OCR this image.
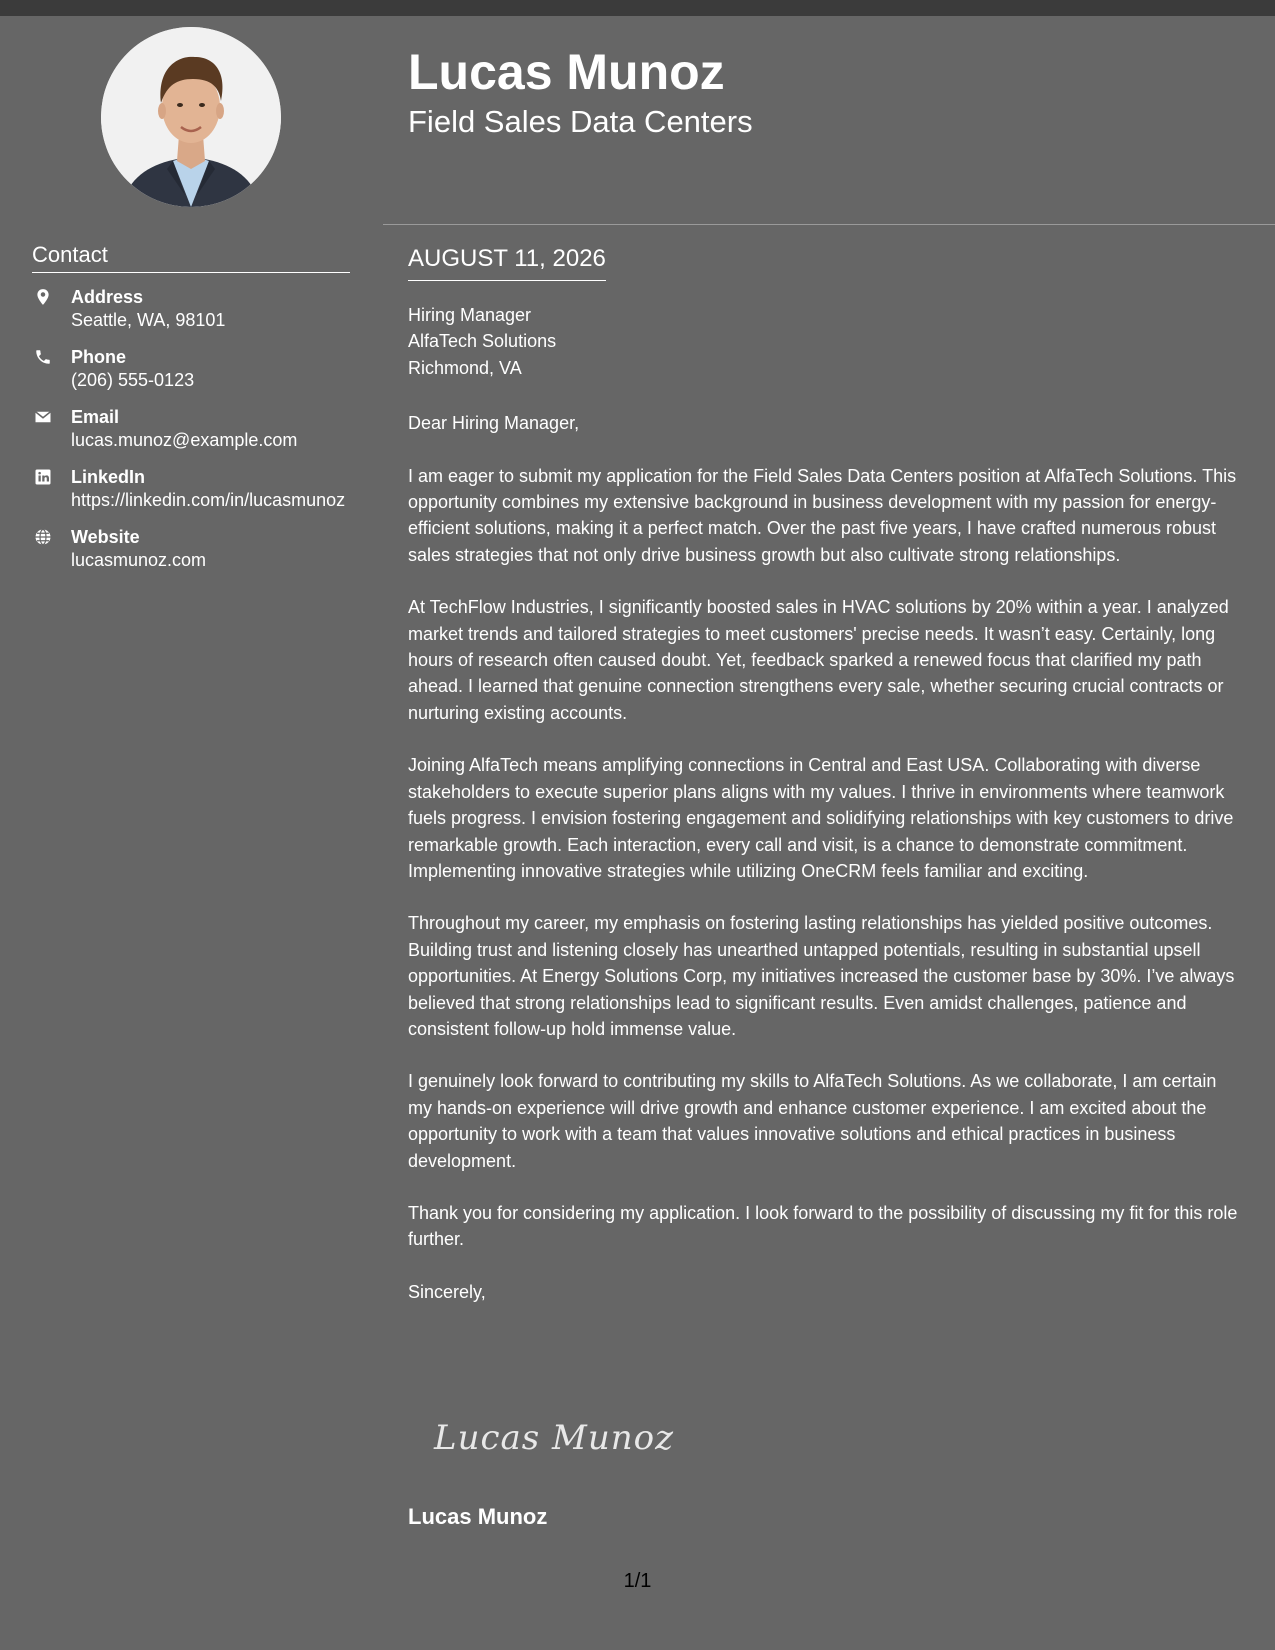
Lucas Munoz
Field Sales Data Centers
Contact
Address
Seattle, WA, 98101
Phone
(206) 555-0123
Email
lucas.munoz@example.com
LinkedIn
https://linkedin.com/in/lucasmunoz
Website
lucasmunoz.com
AUGUST 11, 2026

Hiring Manager

AlfaTech Solutions

Richmond, VA

Dear Hiring Manager,

I am eager to submit my application for the Field Sales Data Centers position at AlfaTech Solutions. This opportunity combines my extensive background in business development with my passion for energy-efficient solutions, making it a perfect match. Over the past five years, I have crafted numerous robust sales strategies that not only drive business growth but also cultivate strong relationships.

At TechFlow Industries, I significantly boosted sales in HVAC solutions by 20% within a year. I analyzed market trends and tailored strategies to meet customers' precise needs. It wasn’t easy. Certainly, long hours of research often caused doubt. Yet, feedback sparked a renewed focus that clarified my path ahead. I learned that genuine connection strengthens every sale, whether securing crucial contracts or nurturing existing accounts.

Joining AlfaTech means amplifying connections in Central and East USA. Collaborating with diverse stakeholders to execute superior plans aligns with my values. I thrive in environments where teamwork fuels progress. I envision fostering engagement and solidifying relationships with key customers to drive remarkable growth. Each interaction, every call and visit, is a chance to demonstrate commitment. Implementing innovative strategies while utilizing OneCRM feels familiar and exciting.

Throughout my career, my emphasis on fostering lasting relationships has yielded positive outcomes. Building trust and listening closely has unearthed untapped potentials, resulting in substantial upsell opportunities. At Energy Solutions Corp, my initiatives increased the customer base by 30%. I’ve always believed that strong relationships lead to significant results. Even amidst challenges, patience and consistent follow-up hold immense value.

I genuinely look forward to contributing my skills to AlfaTech Solutions. As we collaborate, I am certain my hands-on experience will drive growth and enhance customer experience. I am excited about the opportunity to work with a team that values innovative solutions and ethical practices in business development.

Thank you for considering my application. I look forward to the possibility of discussing my fit for this role further.

Sincerely,

Lucas Munoz
Lucas Munoz
1/1
